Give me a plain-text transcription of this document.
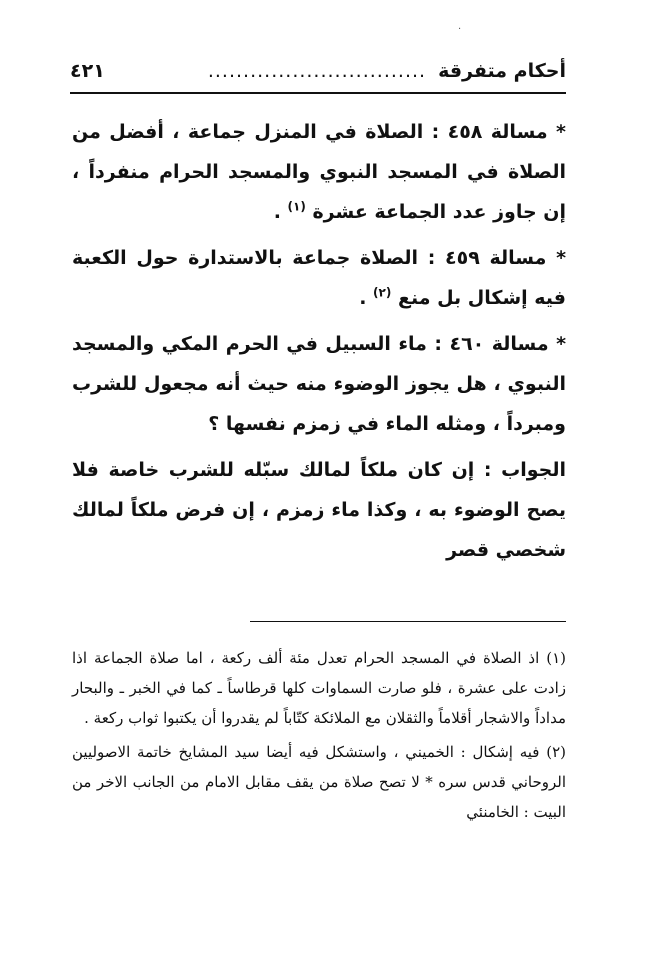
·
أحكام متفرقة
...............................
٤٢١

* مسالة ٤٥٨ : الصلاة في المنزل جماعة ، أفضل من الصلاة في المسجد النبوي والمسجد الحرام منفرداً ، إن جاوز عدد الجماعة عشرة $^{(١)}$ .

* مسالة ٤٥٩ : الصلاة جماعة بالاستدارة حول الكعبة فيه إشكال بل منع $^{(٢)}$ .

* مسالة ٤٦٠ : ماء السبيل في الحرم المكي والمسجد النبوي ، هل يجوز الوضوء منه حيث أنه مجعول للشرب ومبرداً ، ومثله الماء في زمزم نفسها ؟

الجواب : إن كان ملكاً لمالك سبّله للشرب خاصة فلا يصح الوضوء به ، وكذا ماء زمزم ، إن فرض ملكاً لمالك شخصي قصر

(١) اذ الصلاة في المسجد الحرام تعدل مئة ألف ركعة ، اما صلاة الجماعة اذا زادت على عشرة ، فلو صارت السماوات كلها قرطاساً ـ كما في الخبر ـ والبحار مداداً والاشجار أقلاماً والثقلان مع الملائكة كتّاباً لم يقدروا أن يكتبوا ثواب ركعة .

(٢) فيه إشكال : الخميني ، واستشكل فيه أيضا سيد المشايخ خاتمة الاصوليين الروحاني قدس سره * لا تصح صلاة من يقف مقابل الامام من الجانب الاخر من البيت : الخامنئي
